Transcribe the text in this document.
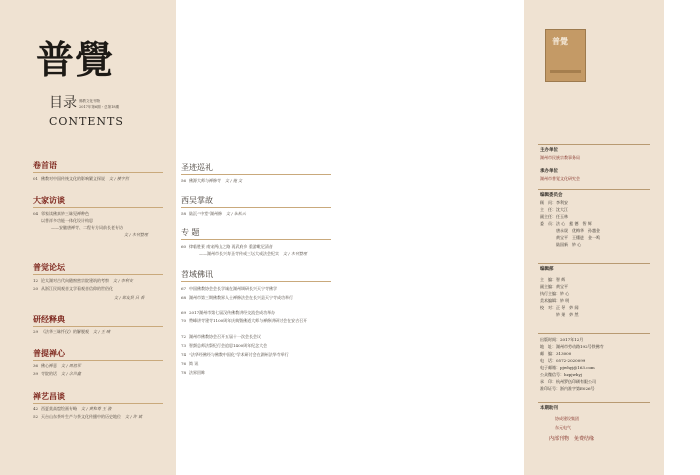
普覺
目录 佛教文化刊物
2017年第6期・总第18期
CONTENTS
卷首语
01 佛教对中国传统文化的影响繁义探说　 文 / 楼宇烈
大家访谈
04 邻家读佛真妙三昧见禅种色
以普祥多功能一体化设计构思
——安徽唐禅寺、二程专方词前长老专访
文 / 本刊整理
普觉论坛
12 论太湖对古代向随窗密宗院建筑的考察　 文 / 李利安
20 从浙江民间观音文学看观音信仰的世俗化
文 / 郑友贤 吕 香
研经释典
29 《法华三昧忏仪》的解脱观　 文 / 王 晴
普提禅心
36 佛心禅意　 文 / 周祖军
39 寺院的话　 文 / 余世鑫
禅艺昌谈
42 西夏莫高窟绘画专略　 文 / 黄和尊 王 骏
52 天台山东茶叶生产与茶文化传播中的历史地位　 文 / 许 斌
圣迹巡礼
56 佛源大师与禅修寺　 文 / 施 文
西吴掌故
58 陆沉·"中堂"湖州修　 文 / 朱松云
专 题
60 律临胜景 南宋两山之路 再武府乡 重游毗尼清音
——湖州市长兴寿圣寺传戒三坛大戒法会纪实　 文 / 本刊整理
苕域佛讯
67 中国佛教协会会长学诚在湖州调研长兴天宁寺佛学
68 湖州市第三期佛教界人士禅修法会在长兴县天宁寺成功举行
69 2017湖州市第七届汉传佛教讲经交流会成功举办
70 赞峰讲寺建寺1100周年庆典暨佛道大师与禅修讲研讨会在安吉召开
72 湖州市佛教协会召开五届十一次会长会议
73 智顗总师法祭纪行会追思1400周年纪念大会
74 "法华经佛经与佛教中国化"学术研讨会在湖州法华寺举行
76 简 讯
78 法界回眸
普覺
主办单位
湖州市民族宗教事务局
承办单位
湖州市普觉文化研究会
编辑委员会
顾　问：李利安
主　任：沈大江
副主任：任玉林
委　员：法 心　慈 德　智 辉
　　　　唐永晟　优梅华　孙越金
　　　　黄宝平　王懂进　金一鸣
　　　　陆国新　妙 心
编辑部
主　编：智 辉
副主编：黄宝平
执行主编：妙 心
美术编辑：妙 明
校　对：正 导　妙 闻
　　　　妙 果　妙 然
出版时间：2017年12月
地　址：湖州市劳动路192号铁佛寺
邮　编：313000
电　话：0572-2020099
电子邮箱：pjwhyj@163.com
公众微信号：hzpjwhyj
承　印：杭州罗伍印刷有限公司
准印证号：浙内准字第E026号
本期助刊
协成建设集团
东元电气
内部刊物　免费结缘
